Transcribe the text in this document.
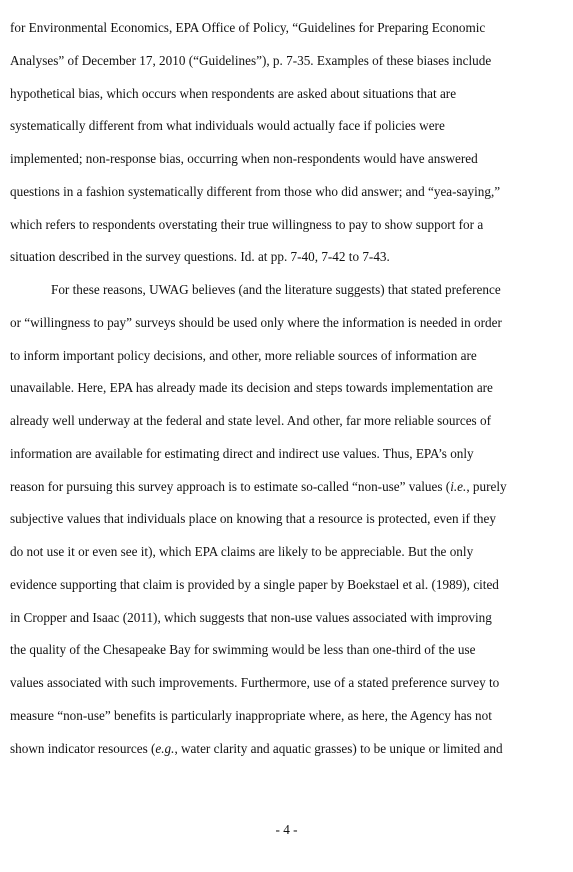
for Environmental Economics, EPA Office of Policy, “Guidelines for Preparing Economic
Analyses” of December 17, 2010 (“Guidelines”), p. 7-35. Examples of these biases include
hypothetical bias, which occurs when respondents are asked about situations that are
systematically different from what individuals would actually face if policies were
implemented; non-response bias, occurring when non-respondents would have answered
questions in a fashion systematically different from those who did answer; and “yea-saying,”
which refers to respondents overstating their true willingness to pay to show support for a
situation described in the survey questions. Id. at pp. 7-40, 7-42 to 7-43.
For these reasons, UWAG believes (and the literature suggests) that stated preference
or “willingness to pay” surveys should be used only where the information is needed in order
to inform important policy decisions, and other, more reliable sources of information are
unavailable. Here, EPA has already made its decision and steps towards implementation are
already well underway at the federal and state level. And other, far more reliable sources of
information are available for estimating direct and indirect use values. Thus, EPA’s only
reason for pursuing this survey approach is to estimate so-called “non-use” values (i.e., purely
subjective values that individuals place on knowing that a resource is protected, even if they
do not use it or even see it), which EPA claims are likely to be appreciable. But the only
evidence supporting that claim is provided by a single paper by Boekstael et al. (1989), cited
in Cropper and Isaac (2011), which suggests that non-use values associated with improving
the quality of the Chesapeake Bay for swimming would be less than one-third of the use
values associated with such improvements. Furthermore, use of a stated preference survey to
measure “non-use” benefits is particularly inappropriate where, as here, the Agency has not
shown indicator resources (e.g., water clarity and aquatic grasses) to be unique or limited and
- 4 -
